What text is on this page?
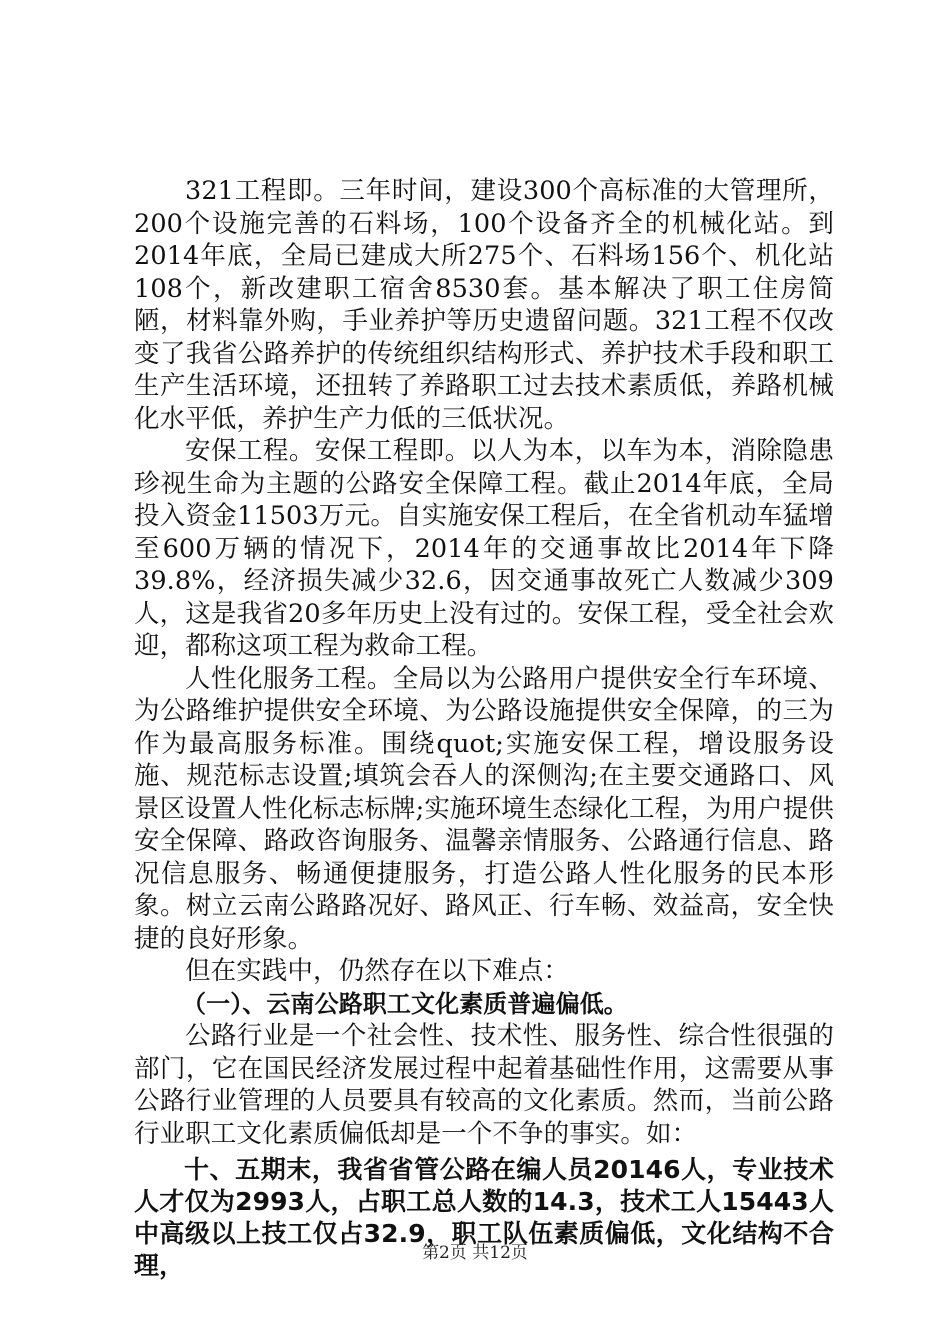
321工程即。三年时间，建设300个高标准的大管理所，200个设施完善的石料场，100个设备齐全的机械化站。到2014年底，全局已建成大所275个、石料场156个、机化站108个，新改建职工宿舍8530套。基本解决了职工住房简陋，材料靠外购，手业养护等历史遗留问题。321工程不仅改变了我省公路养护的传统组织结构形式、养护技术手段和职工生产生活环境，还扭转了养路职工过去技术素质低，养路机械化水平低，养护生产力低的三低状况。

安保工程。安保工程即。以人为本，以车为本，消除隐患珍视生命为主题的公路安全保障工程。截止2014年底，全局投入资金11503万元。自实施安保工程后，在全省机动车猛增至600万辆的情况下，2014年的交通事故比2014年下降39.8%，经济损失减少32.6，因交通事故死亡人数减少309人，这是我省20多年历史上没有过的。安保工程，受全社会欢迎，都称这项工程为救命工程。

人性化服务工程。全局以为公路用户提供安全行车环境、为公路维护提供安全环境、为公路设施提供安全保障，的三为作为最高服务标准。围绕quot;实施安保工程，增设服务设施、规范标志设置;填筑会吞人的深侧沟;在主要交通路口、风景区设置人性化标志标牌;实施环境生态绿化工程，为用户提供安全保障、路政咨询服务、温馨亲情服务、公路通行信息、路况信息服务、畅通便捷服务，打造公路人性化服务的民本形象。树立云南公路路况好、路风正、行车畅、效益高，安全快捷的良好形象。

但在实践中，仍然存在以下难点：

（一）、云南公路职工文化素质普遍偏低。

公路行业是一个社会性、技术性、服务性、综合性很强的部门，它在国民经济发展过程中起着基础性作用，这需要从事公路行业管理的人员要具有较高的文化素质。然而，当前公路行业职工文化素质偏低却是一个不争的事实。如：

十、五期末，我省省管公路在编人员20146人，专业技术人才仅为2993人，占职工总人数的14.3，技术工人15443人中高级以上技工仅占32.9，职工队伍素质偏低，文化结构不合理，	第2页 共12页
